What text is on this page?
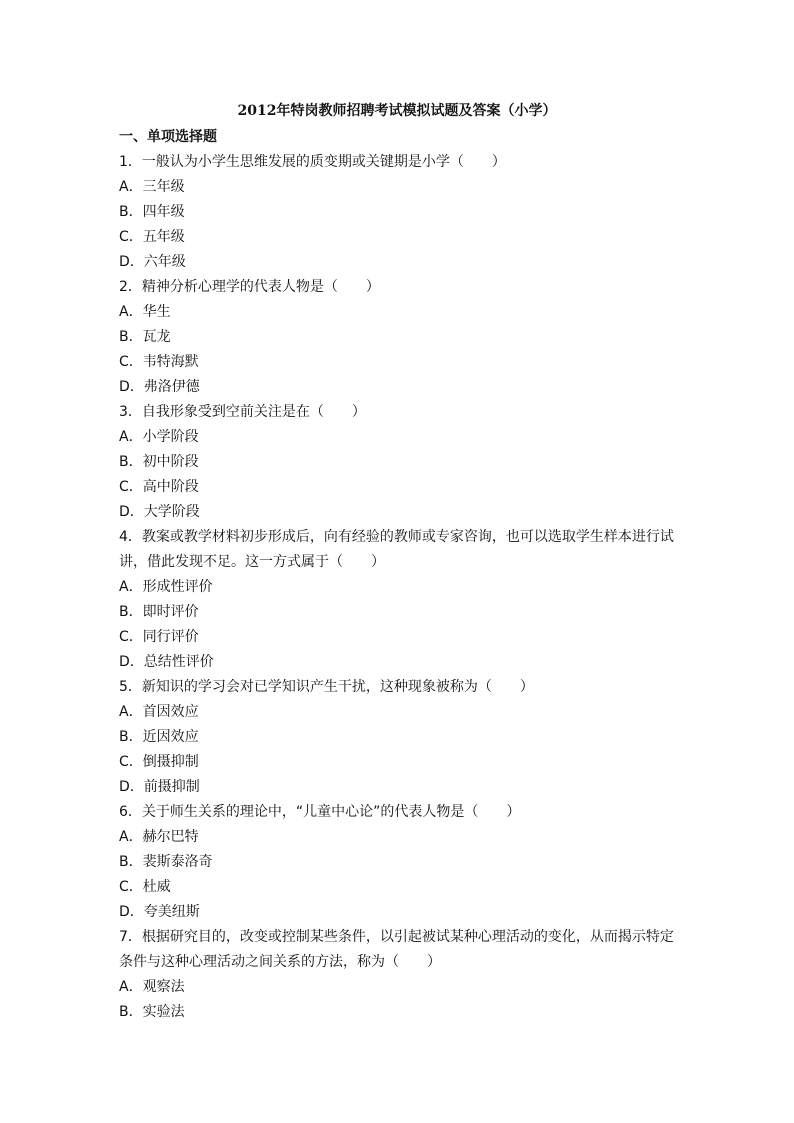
2012年特岗教师招聘考试模拟试题及答案（小学）

一、单项选择题

1．一般认为小学生思维发展的质变期或关键期是小学（　　）

A．三年级

B．四年级

C．五年级

D．六年级

2．精神分析心理学的代表人物是（　　）

A．华生

B．瓦龙

C．韦特海默

D．弗洛伊德

3．自我形象受到空前关注是在（　　）

A．小学阶段

B．初中阶段

C．高中阶段

D．大学阶段

4．教案或教学材料初步形成后，向有经验的教师或专家咨询，也可以选取学生样本进行试讲，借此发现不足。这一方式属于（　　）

A．形成性评价

B．即时评价

C．同行评价

D．总结性评价

5．新知识的学习会对已学知识产生干扰，这种现象被称为（　　）

A．首因效应

B．近因效应

C．倒摄抑制

D．前摄抑制

6．关于师生关系的理论中，“儿童中心论”的代表人物是（　　）

A．赫尔巴特

B．裴斯泰洛奇

C．杜威

D．夸美纽斯

7．根据研究目的，改变或控制某些条件，以引起被试某种心理活动的变化，从而揭示特定条件与这种心理活动之间关系的方法，称为（　　）

A．观察法

B．实验法
